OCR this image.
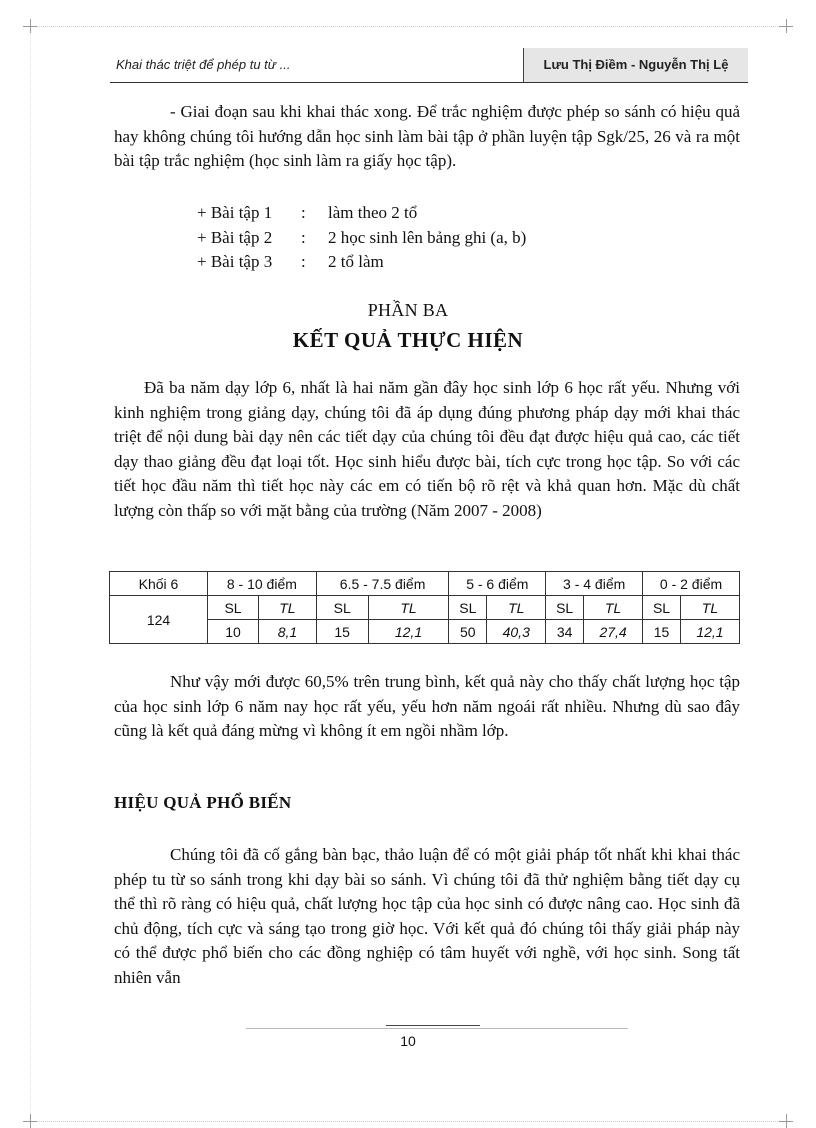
Khai thác triệt để phép tu từ ...	Lưu Thị Điềm - Nguyễn Thị Lệ

- Giai đoạn sau khi khai thác xong. Để trắc nghiệm được phép so sánh có hiệu quả hay không chúng tôi hướng dẫn học sinh làm bài tập ở phần luyện tập Sgk/25, 26 và ra một bài tập trắc nghiệm (học sinh làm ra giấy học tập).

+ Bài tập 1 : làm theo 2 tổ
+ Bài tập 2 : 2 học sinh lên bảng ghi (a, b)
+ Bài tập 3 : 2 tổ làm
PHẦN BA
KẾT QUẢ THỰC HIỆN

Đã ba năm dạy lớp 6, nhất là hai năm gần đây học sinh lớp 6 học rất yếu. Nhưng với kinh nghiệm trong giảng dạy, chúng tôi đã áp dụng đúng phương pháp dạy mới khai thác triệt để nội dung bài dạy nên các tiết dạy của chúng tôi đều đạt được hiệu quả cao, các tiết dạy thao giảng đều đạt loại tốt. Học sinh hiểu được bài, tích cực trong học tập. So với các tiết học đầu năm thì tiết học này các em có tiến bộ rõ rệt và khả quan hơn. Mặc dù chất lượng còn thấp so với mặt bằng của trường (Năm 2007 - 2008)

Khối 6	8 - 10 điểm		6.5 - 7.5 điểm		5 - 6 điểm		3 - 4 điểm		0 - 2 điểm	
124	SL	TL	SL	TL	SL	TL	SL	TL	SL	TL
	10	8,1	15	12,1	50	40,3	34	27,4	15	12,1

Như vậy mới được 60,5% trên trung bình, kết quả này cho thấy chất lượng học tập của học sinh lớp 6 năm nay học rất yếu, yếu hơn năm ngoái rất nhiều. Nhưng dù sao đây cũng là kết quả đáng mừng vì không ít em ngồi nhầm lớp.

HIỆU QUẢ PHỔ BIẾN

Chúng tôi đã cố gắng bàn bạc, thảo luận để có một giải pháp tốt nhất khi khai thác phép tu từ so sánh trong khi dạy bài so sánh. Vì chúng tôi đã thử nghiệm bằng tiết dạy cụ thể thì rõ ràng có hiệu quả, chất lượng học tập của học sinh có được nâng cao. Học sinh đã chủ động, tích cực và sáng tạo trong giờ học. Với kết quả đó chúng tôi thấy giải pháp này có thể được phổ biến cho các đồng nghiệp có tâm huyết với nghề, với học sinh. Song tất nhiên vẫn

10
